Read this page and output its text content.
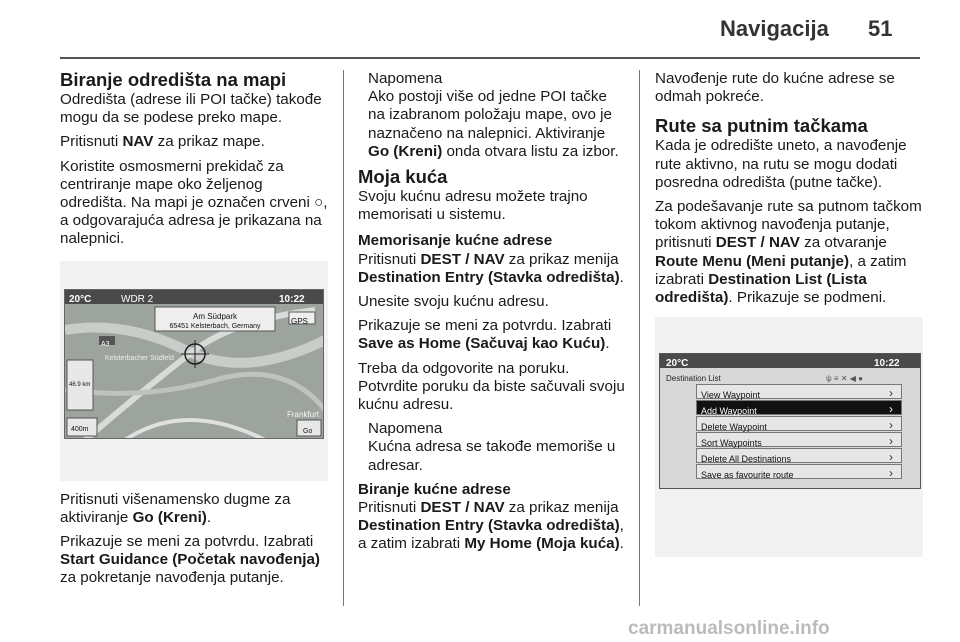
Navigacija 51
Biranje odredišta na mapi

Odredišta (adrese ili POI tačke) takođe mogu da se podese preko mape.

Pritisnuti NAV za prikaz mape.

Koristite osmosmerni prekidač za centriranje mape oko željenog odredišta. Na mapi je označen crveni ○, a odgovarajuća adresa je prikazana na nalepnici.

20°C	WDR 2	10:22
Am Südpark
65451 Kelsterbach, Germany
GPS
A3
Kelsterbacher Südfeld
46.9 km
400m	Go
Frankfurt

Pritisnuti višenamensko dugme za aktiviranje Go (Kreni).

Prikazuje se meni za potvrdu. Izabrati Start Guidance (Početak navođenja) za pokretanje navođenja putanje.

Napomena
Ako postoji više od jedne POI tačke na izabranom položaju mape, ovo je naznačeno na nalepnici. Aktiviranje Go (Kreni) onda otvara listu za izbor.
Moja kuća

Svoju kućnu adresu možete trajno memorisati u sistemu.

Memorisanje kućne adrese

Pritisnuti DEST / NAV za prikaz menija Destination Entry (Stavka odredišta).

Unesite svoju kućnu adresu.

Prikazuje se meni za potvrdu. Izabrati Save as Home (Sačuvaj kao Kuću).

Treba da odgovorite na poruku. Potvrdite poruku da biste sačuvali svoju kućnu adresu.

Napomena
Kućna adresa se takođe memoriše u adresar.
Biranje kućne adrese

Pritisnuti DEST / NAV za prikaz menija Destination Entry (Stavka odredišta), a zatim izabrati My Home (Moja kuća).

Navođenje rute do kućne adrese se odmah pokreće.

Rute sa putnim tačkama

Kada je odredište uneto, a navođenje rute aktivno, na rutu se mogu dodati posredna odredišta (putne tačke).

Za podešavanje rute sa putnom tačkom tokom aktivnog navođenja putanje, pritisnuti DEST / NAV za otvaranje Route Menu (Meni putanje), a zatim izabrati Destination List (Lista odredišta). Prikazuje se podmeni.

20°C	10:22
Destination List	ψ ≡ ✕ ◀ ●
View Waypoint	›
Add Waypoint	›
Delete Waypoint	›
Sort Waypoints	›
Delete All Destinations	›
Save as favourite route	›
carmanualsonline.info
